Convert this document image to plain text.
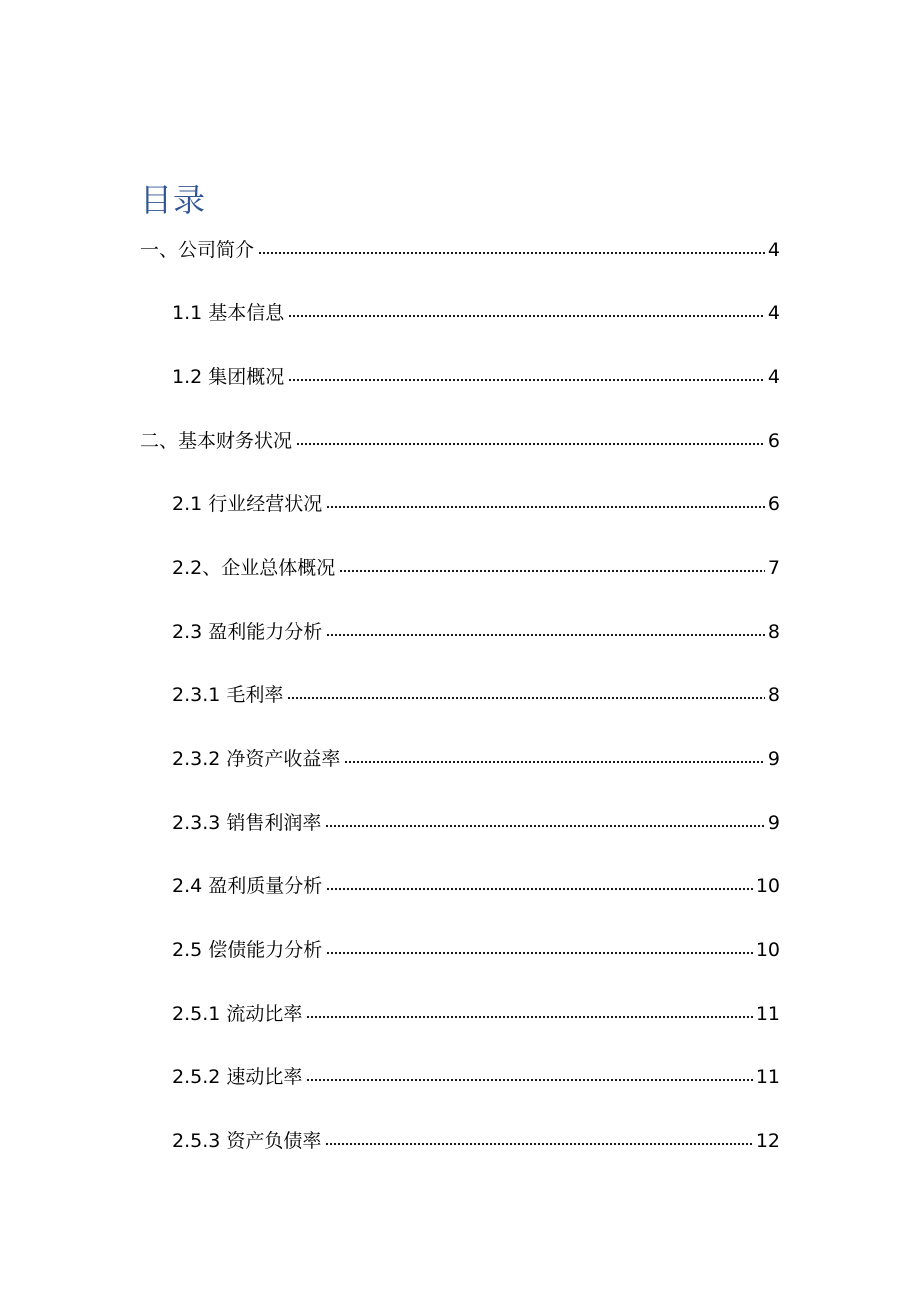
目录
一、公司简介	4
1.1 基本信息	4
1.2 集团概况	4
二、基本财务状况	6
2.1 行业经营状况	6
2.2、企业总体概况	7
2.3 盈利能力分析	8
2.3.1 毛利率	8
2.3.2 净资产收益率	9
2.3.3 销售利润率	9
2.4 盈利质量分析	10
2.5 偿债能力分析	10
2.5.1 流动比率	11
2.5.2 速动比率	11
2.5.3 资产负债率	12
